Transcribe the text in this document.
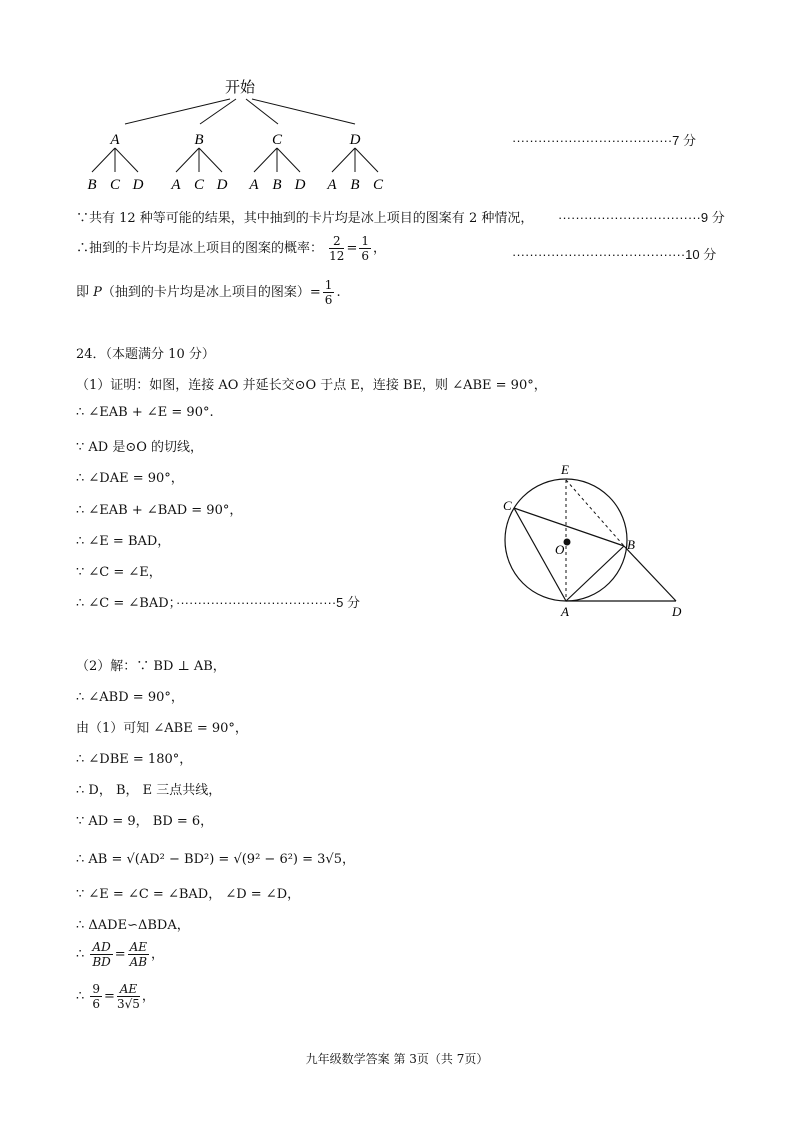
开始
A	B	C	D
B C D A C D A B D A B C
·····································7 分
∵共有 12 种等可能的结果，其中抽到的卡片均是冰上项目的图案有 2 种情况， ·································9 分
∴抽到的卡片均是冰上项目的图案的概率： $\frac{2}{12} = \frac{1}{6}$ ，	········································10 分
即 P（抽到的卡片均是冰上项目的图案）= $\frac{1}{6}$ .
24．（本题满分 10 分）
（1）证明：如图，连接 AO 并延长交⊙O 于点 E，连接 BE，则 ∠ABE = 90°，
∴ ∠EAB + ∠E = 90°.
∵ AD 是⊙O 的切线，
∴ ∠DAE = 90°，
∴ ∠EAB + ∠BAD = 90°，
∴ ∠E = BAD，
∵ ∠C = ∠E，
∴ ∠C = ∠BAD；
·····································5 分
E
C
O	B
A	D
（2）解：∵ BD ⊥ AB，
∴ ∠ABD = 90°，
由（1）可知 ∠ABE = 90°，
∴ ∠DBE = 180°，
∴ D， B， E 三点共线，
∵ AD = 9， BD = 6，
∴ AB = √(AD² − BD²) = √(9² − 6²) = 3√5，
∵ ∠E = ∠C = ∠BAD， ∠D = ∠D，
∴ ΔADE∽ΔBDA，
∴ $\frac{AD}{BD} = \frac{AE}{AB}$ ，
∴ $\frac{9}{6} = \frac{AE}{3√5}$ ，
九年级数学答案 第 3页（共 7页）
